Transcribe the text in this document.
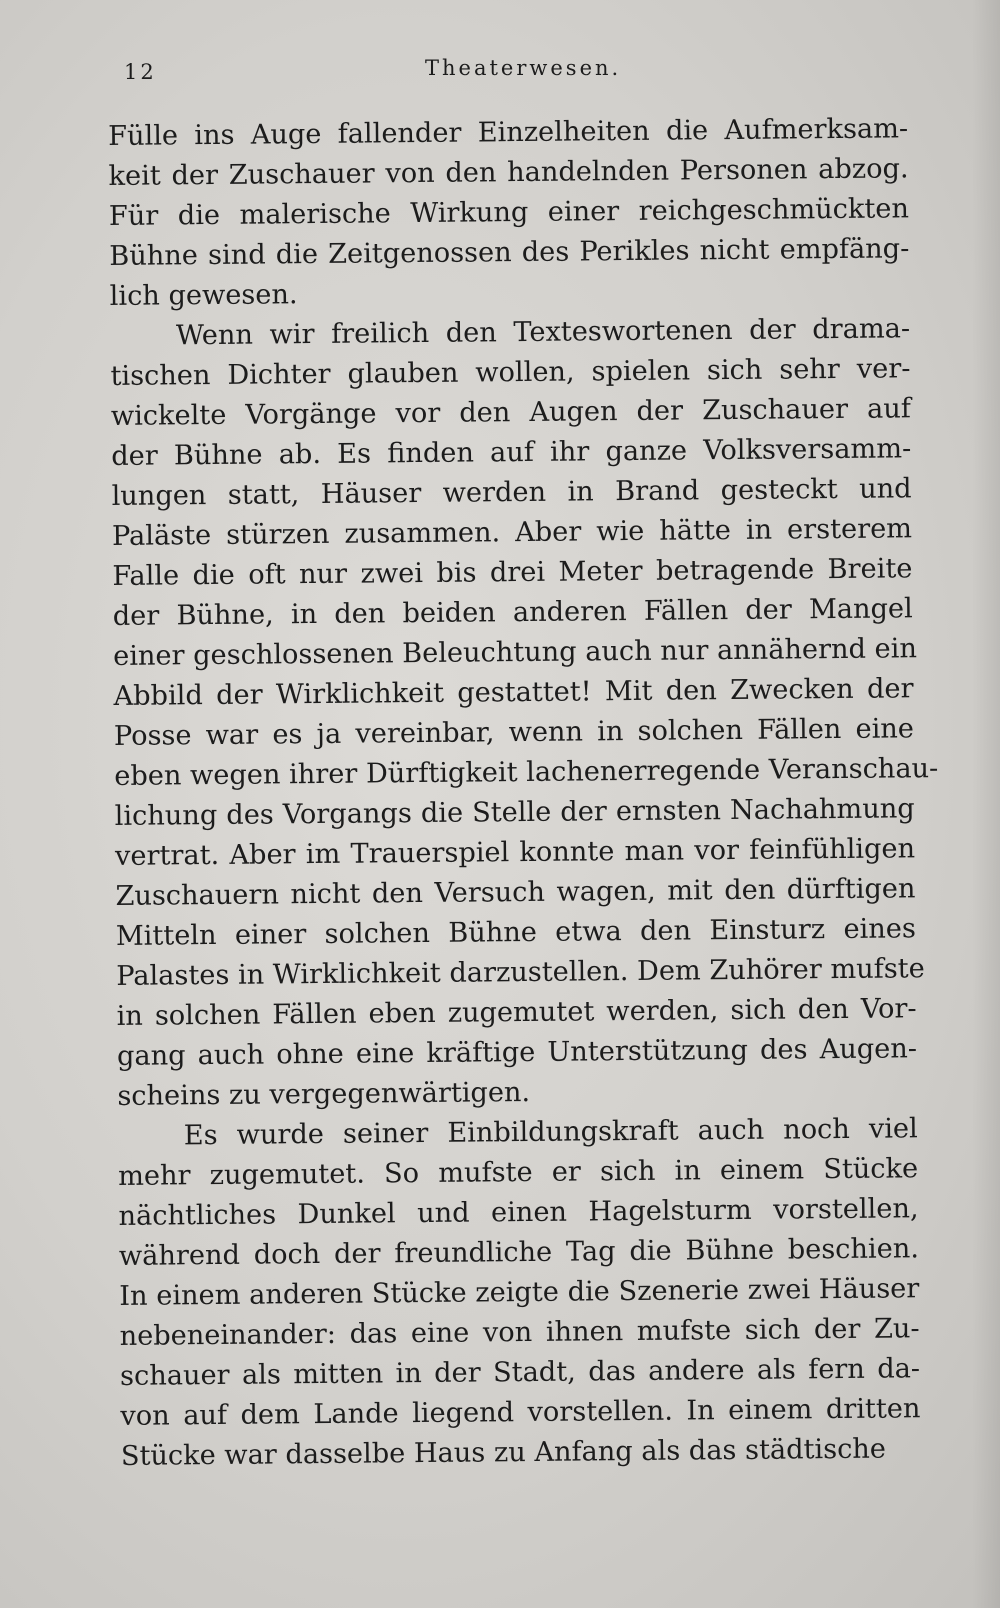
12	Theaterwesen.
Fülle ins Auge fallender Einzelheiten die Aufmerksam-
keit der Zuschauer von den handelnden Personen abzog.
Für die malerische Wirkung einer reichgeschmückten
Bühne sind die Zeitgenossen des Perikles nicht empfäng-
lich gewesen.
Wenn wir freilich den Texteswortenen der drama-
tischen Dichter glauben wollen, spielen sich sehr ver-
wickelte Vorgänge vor den Augen der Zuschauer auf
der Bühne ab. Es finden auf ihr ganze Volksversamm-
lungen statt, Häuser werden in Brand gesteckt und
Paläste stürzen zusammen. Aber wie hätte in ersterem
Falle die oft nur zwei bis drei Meter betragende Breite
der Bühne, in den beiden anderen Fällen der Mangel
einer geschlossenen Beleuchtung auch nur annähernd ein
Abbild der Wirklichkeit gestattet! Mit den Zwecken der
Posse war es ja vereinbar, wenn in solchen Fällen eine
eben wegen ihrer Dürftigkeit lachenerregende Veranschau-
lichung des Vorgangs die Stelle der ernsten Nachahmung
vertrat. Aber im Trauerspiel konnte man vor feinfühligen
Zuschauern nicht den Versuch wagen, mit den dürftigen
Mitteln einer solchen Bühne etwa den Einsturz eines
Palastes in Wirklichkeit darzustellen. Dem Zuhörer mufste
in solchen Fällen eben zugemutet werden, sich den Vor-
gang auch ohne eine kräftige Unterstützung des Augen-
scheins zu vergegenwärtigen.
Es wurde seiner Einbildungskraft auch noch viel
mehr zugemutet. So mufste er sich in einem Stücke
nächtliches Dunkel und einen Hagelsturm vorstellen,
während doch der freundliche Tag die Bühne beschien.
In einem anderen Stücke zeigte die Szenerie zwei Häuser
nebeneinander: das eine von ihnen mufste sich der Zu-
schauer als mitten in der Stadt, das andere als fern da-
von auf dem Lande liegend vorstellen. In einem dritten
Stücke war dasselbe Haus zu Anfang als das städtische
